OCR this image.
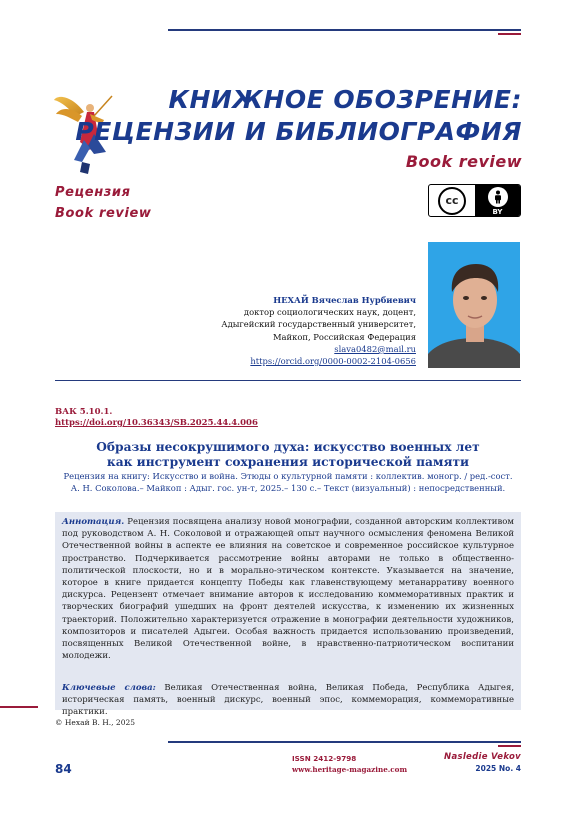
КНИЖНОЕ ОБОЗРЕНИЕ:
РЕЦЕНЗИИ И БИБЛИОГРАФИЯ
Book review
Рецензия
Book review
cc
BY
НЕХАЙ Вячеслав Нурбиевич
доктор социологических наук, доцент,
Адыгейский государственный университет,
Майкоп, Российская Федерация
slava0482@mail.ru
https://orcid.org/0000-0002-2104-0656
ВАК 5.10.1.
https://doi.org/10.36343/SB.2025.44.4.006
Образы несокрушимого духа: искусство военных лет
как инструмент сохранения исторической памяти
Рецензия на книгу: Искусство и война. Этюды о культурной памяти : коллектив. моногр. / ред.-сост.
А. Н. Соколова.– Майкоп : Адыг. гос. ун-т, 2025.– 130 с.– Текст (визуальный) : непосредственный.
Аннотация. Рецензия посвящена анализу новой монографии, созданной авторским коллективом под руководством А. Н. Соколовой и отражающей опыт научного осмысления феномена Великой Отечественной войны в аспекте ее влияния на советское и современное российское культурное пространство. Подчеркивается рассмотрение войны авторами не только в общественно-политической плоскости, но и в морально-этическом контексте. Указывается на значение, которое в книге придается концепту Победы как главенствующему метанарративу военного дискурса. Рецензент отмечает внимание авторов к исследованию коммеморативных практик и творческих биографий ушедших на фронт деятелей искусства, к изменению их жизненных траекторий. Положительно характеризуется отражение в монографии деятельности художников, композиторов и писателей Адыгеи. Особая важность придается использованию произведений, посвященных Великой Отечественной войне, в нравственно-патриотическом воспитании молодежи.
Ключевые слова: Великая Отечественная война, Великая Победа, Республика Адыгея, историческая память, военный дискурс, военный эпос, коммеморация, коммеморативные практики.
© Нехай В. Н., 2025
84
ISSN 2412-9798
www.heritage-magazine.com
Nasledie Vekov
2025 No. 4
